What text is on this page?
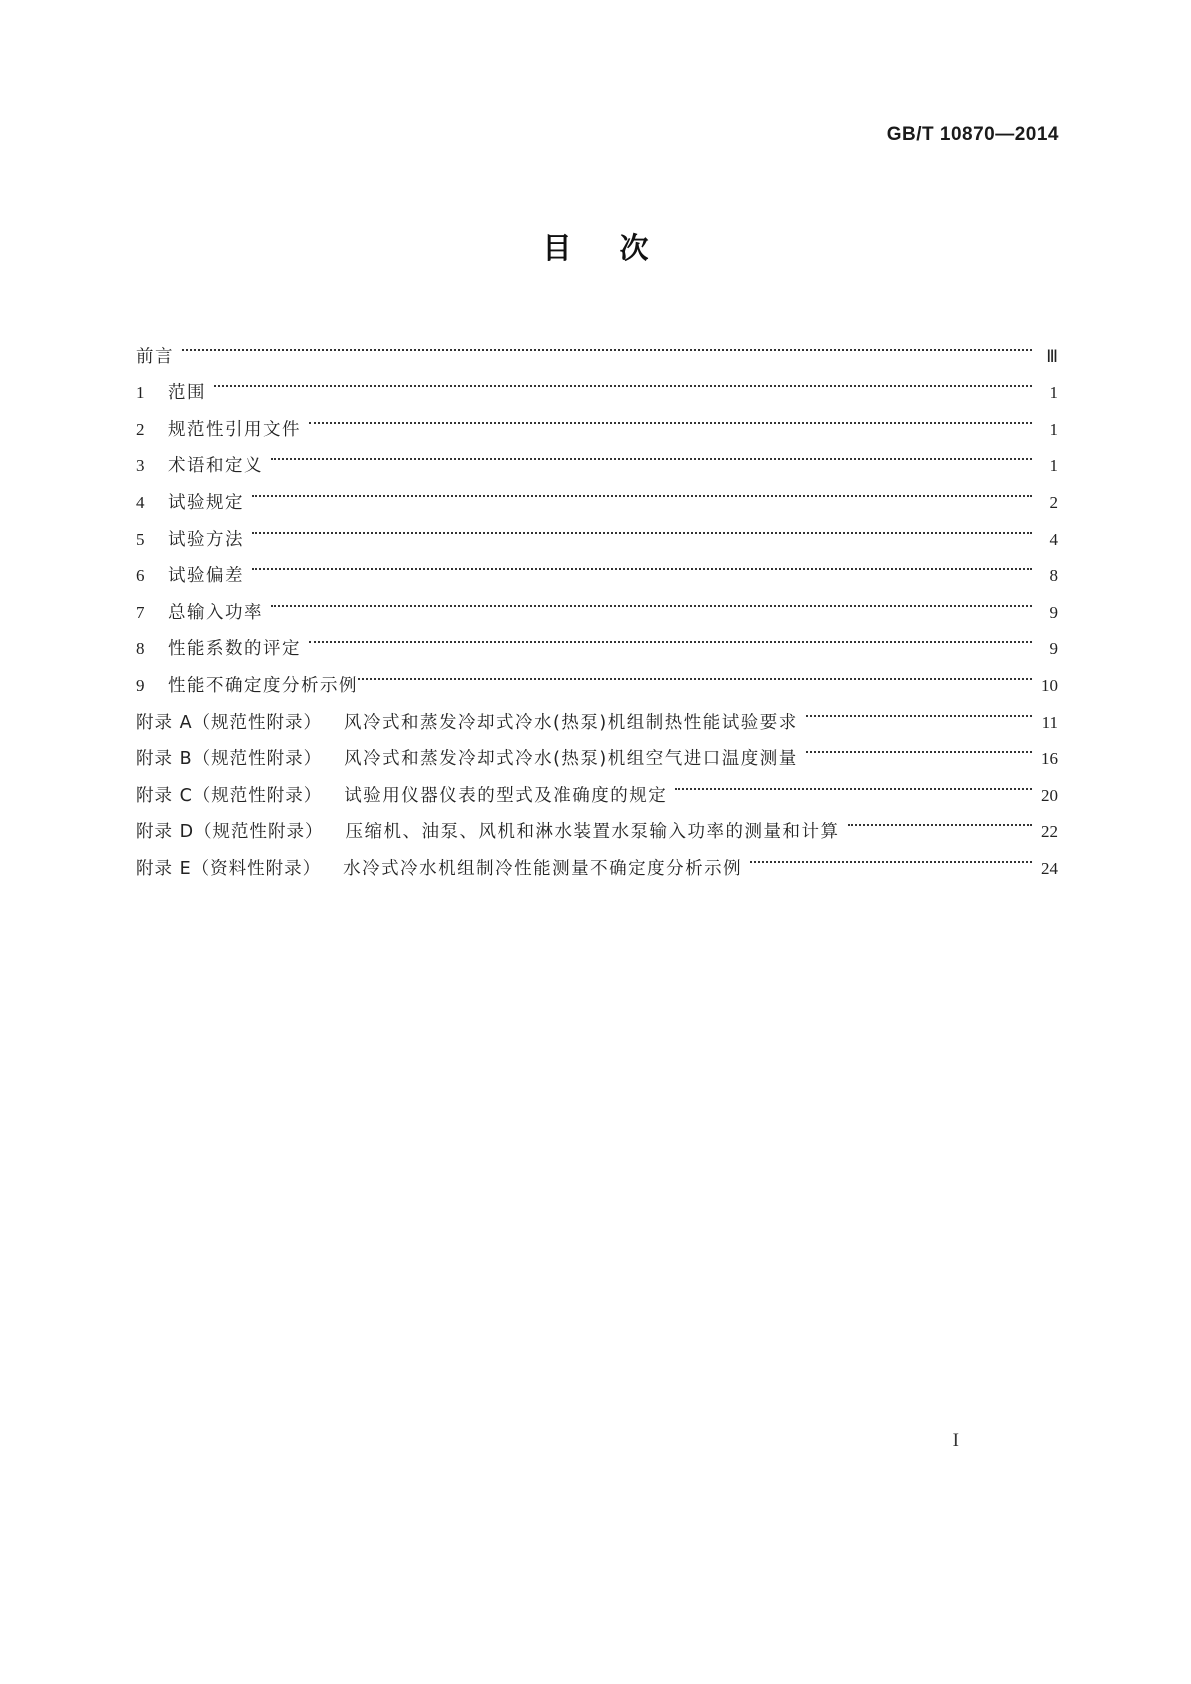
GB/T 10870—2014
目次
前言	Ⅲ
1	范围	1
2	规范性引用文件	1
3	术语和定义	1
4	试验规定	2
5	试验方法	4
6	试验偏差	8
7	总输入功率	9
8	性能系数的评定	9
9	性能不确定度分析示例	10
附录 A（规范性附录） 风冷式和蒸发冷却式冷水(热泵)机组制热性能试验要求	11
附录 B（规范性附录） 风冷式和蒸发冷却式冷水(热泵)机组空气进口温度测量	16
附录 C（规范性附录） 试验用仪器仪表的型式及准确度的规定	20
附录 D（规范性附录） 压缩机、油泵、风机和淋水装置水泵输入功率的测量和计算	22
附录 E（资料性附录） 水冷式冷水机组制冷性能测量不确定度分析示例	24
I
